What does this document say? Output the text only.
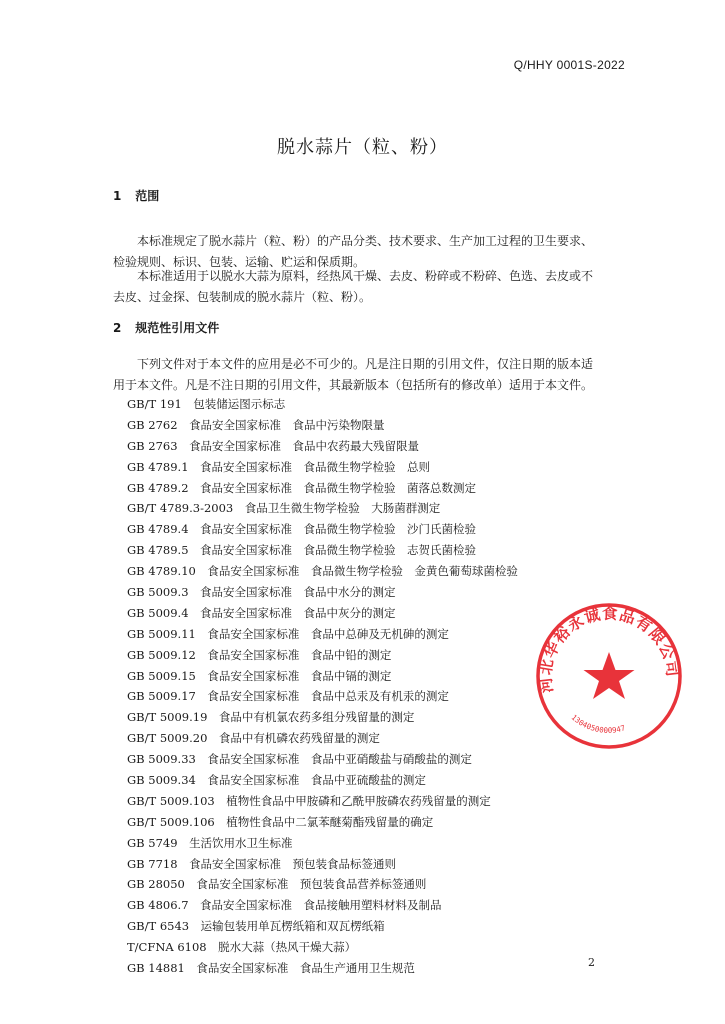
Q/HHY 0001S-2022
脱水蒜片（粒、粉）
1 范围
本标准规定了脱水蒜片（粒、粉）的产品分类、技术要求、生产加工过程的卫生要求、
检验规则、标识、包装、运输、贮运和保质期。
本标准适用于以脱水大蒜为原料，经热风干燥、去皮、粉碎或不粉碎、色选、去皮或不
去皮、过金探、包装制成的脱水蒜片（粒、粉）。
2 规范性引用文件
下列文件对于本文件的应用是必不可少的。凡是注日期的引用文件，仅注日期的版本适
用于本文件。凡是不注日期的引用文件，其最新版本（包括所有的修改单）适用于本文件。
GB/T 191　 包装储运图示标志
GB 2762　 食品安全国家标准　食品中污染物限量
GB 2763　 食品安全国家标准　食品中农药最大残留限量
GB 4789.1　 食品安全国家标准　食品微生物学检验　总则
GB 4789.2　 食品安全国家标准　食品微生物学检验　菌落总数测定
GB/T 4789.3-2003　 食品卫生微生物学检验　大肠菌群测定
GB 4789.4　 食品安全国家标准　食品微生物学检验　沙门氏菌检验
GB 4789.5　 食品安全国家标准　食品微生物学检验　志贺氏菌检验
GB 4789.10　 食品安全国家标准　食品微生物学检验　金黄色葡萄球菌检验
GB 5009.3　 食品安全国家标准　食品中水分的测定
GB 5009.4　 食品安全国家标准　食品中灰分的测定
GB 5009.11　 食品安全国家标准　食品中总砷及无机砷的测定
GB 5009.12　 食品安全国家标准　食品中铅的测定
GB 5009.15　 食品安全国家标准　食品中镉的测定
GB 5009.17　 食品安全国家标准　食品中总汞及有机汞的测定
GB/T 5009.19　 食品中有机氯农药多组分残留量的测定
GB/T 5009.20　 食品中有机磷农药残留量的测定
GB 5009.33　 食品安全国家标准　食品中亚硝酸盐与硝酸盐的测定
GB 5009.34　 食品安全国家标准　食品中亚硫酸盐的测定
GB/T 5009.103　 植物性食品中甲胺磷和乙酰甲胺磷农药残留量的测定
GB/T 5009.106　 植物性食品中二氯苯醚菊酯残留量的确定
GB 5749　 生活饮用水卫生标准
GB 7718　 食品安全国家标准　预包装食品标签通则
GB 28050　 食品安全国家标准　预包装食品营养标签通则
GB 4806.7　 食品安全国家标准　食品接触用塑料材料及制品
GB/T 6543　 运输包装用单瓦楞纸箱和双瓦楞纸箱
T/CFNA 6108　 脱水大蒜（热风干燥大蒜）
GB 14881　 食品安全国家标准　食品生产通用卫生规范
河北华裕永诚食品有限公司
1304050000947
2
